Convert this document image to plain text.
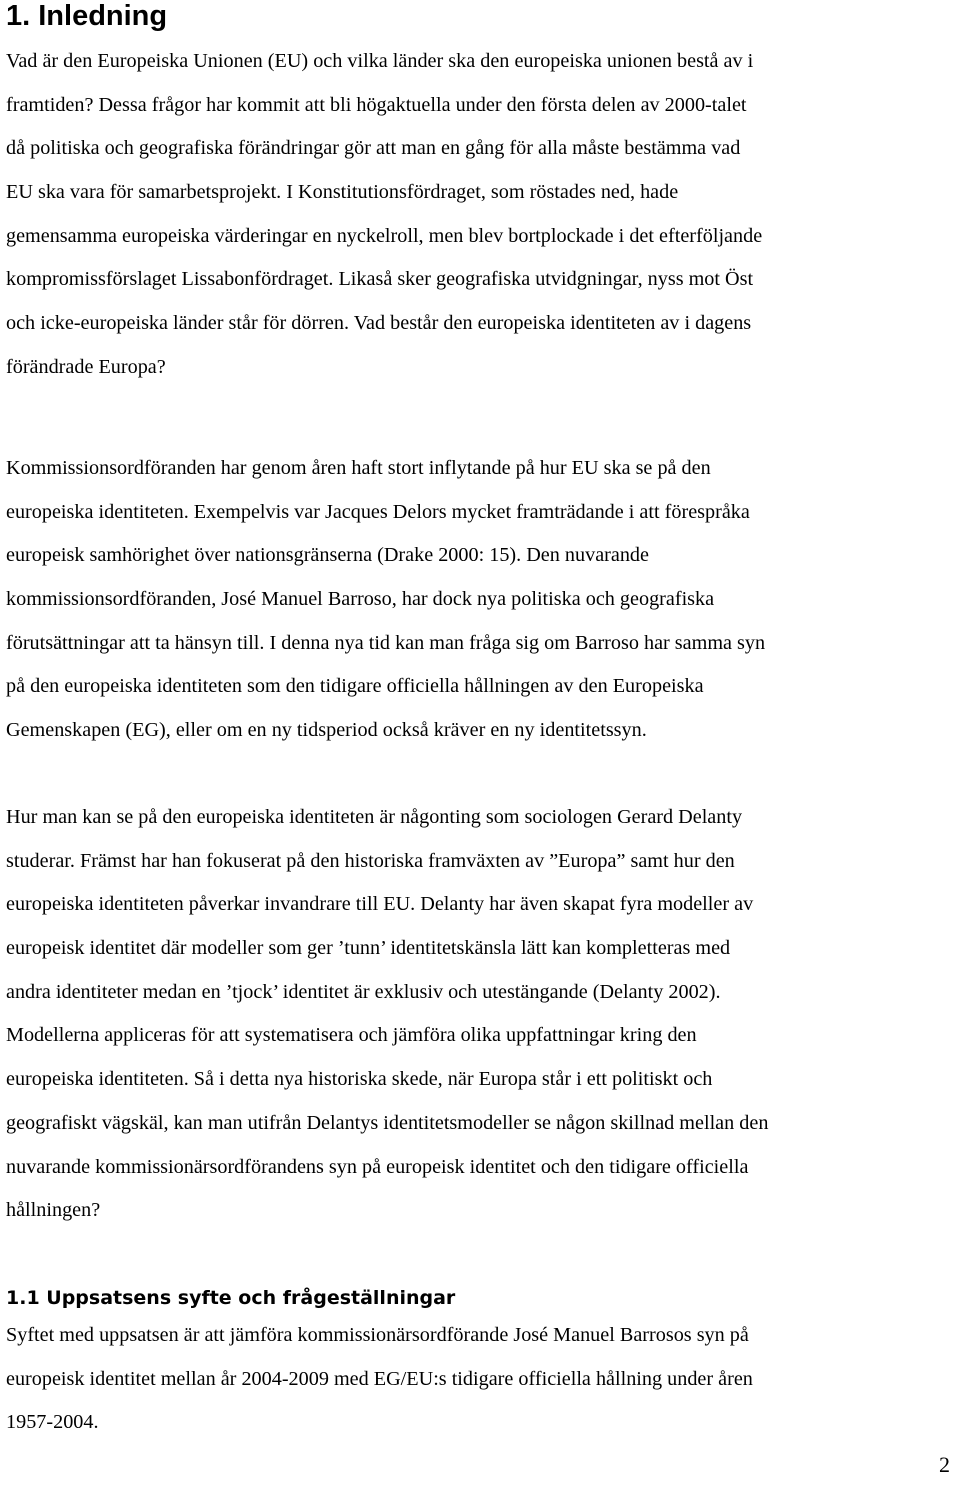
1. Inledning

Vad är den Europeiska Unionen (EU) och vilka länder ska den europeiska unionen bestå av i
framtiden? Dessa frågor har kommit att bli högaktuella under den första delen av 2000-talet
då politiska och geografiska förändringar gör att man en gång för alla måste bestämma vad
EU ska vara för samarbetsprojekt. I Konstitutionsfördraget, som röstades ned, hade
gemensamma europeiska värderingar en nyckelroll, men blev bortplockade i det efterföljande
kompromissförslaget Lissabonfördraget. Likaså sker geografiska utvidgningar, nyss mot Öst
och icke-europeiska länder står för dörren. Vad består den europeiska identiteten av i dagens
förändrade Europa?

Kommissionsordföranden har genom åren haft stort inflytande på hur EU ska se på den
europeiska identiteten. Exempelvis var Jacques Delors mycket framträdande i att förespråka
europeisk samhörighet över nationsgränserna (Drake 2000: 15). Den nuvarande
kommissionsordföranden, José Manuel Barroso, har dock nya politiska och geografiska
förutsättningar att ta hänsyn till. I denna nya tid kan man fråga sig om Barroso har samma syn
på den europeiska identiteten som den tidigare officiella hållningen av den Europeiska
Gemenskapen (EG), eller om en ny tidsperiod också kräver en ny identitetssyn.

Hur man kan se på den europeiska identiteten är någonting som sociologen Gerard Delanty
studerar. Främst har han fokuserat på den historiska framväxten av ”Europa” samt hur den
europeiska identiteten påverkar invandrare till EU. Delanty har även skapat fyra modeller av
europeisk identitet där modeller som ger ’tunn’ identitetskänsla lätt kan kompletteras med
andra identiteter medan en ’tjock’ identitet är exklusiv och utestängande (Delanty 2002).
Modellerna appliceras för att systematisera och jämföra olika uppfattningar kring den
europeiska identiteten. Så i detta nya historiska skede, när Europa står i ett politiskt och
geografiskt vägskäl, kan man utifrån Delantys identitetsmodeller se någon skillnad mellan den
nuvarande kommissionärsordförandens syn på europeisk identitet och den tidigare officiella
hållningen?

1.1 Uppsatsens syfte och frågeställningar

Syftet med uppsatsen är att jämföra kommissionärsordförande José Manuel Barrosos syn på
europeisk identitet mellan år 2004-2009 med EG/EU:s tidigare officiella hållning under åren
1957-2004.

2
